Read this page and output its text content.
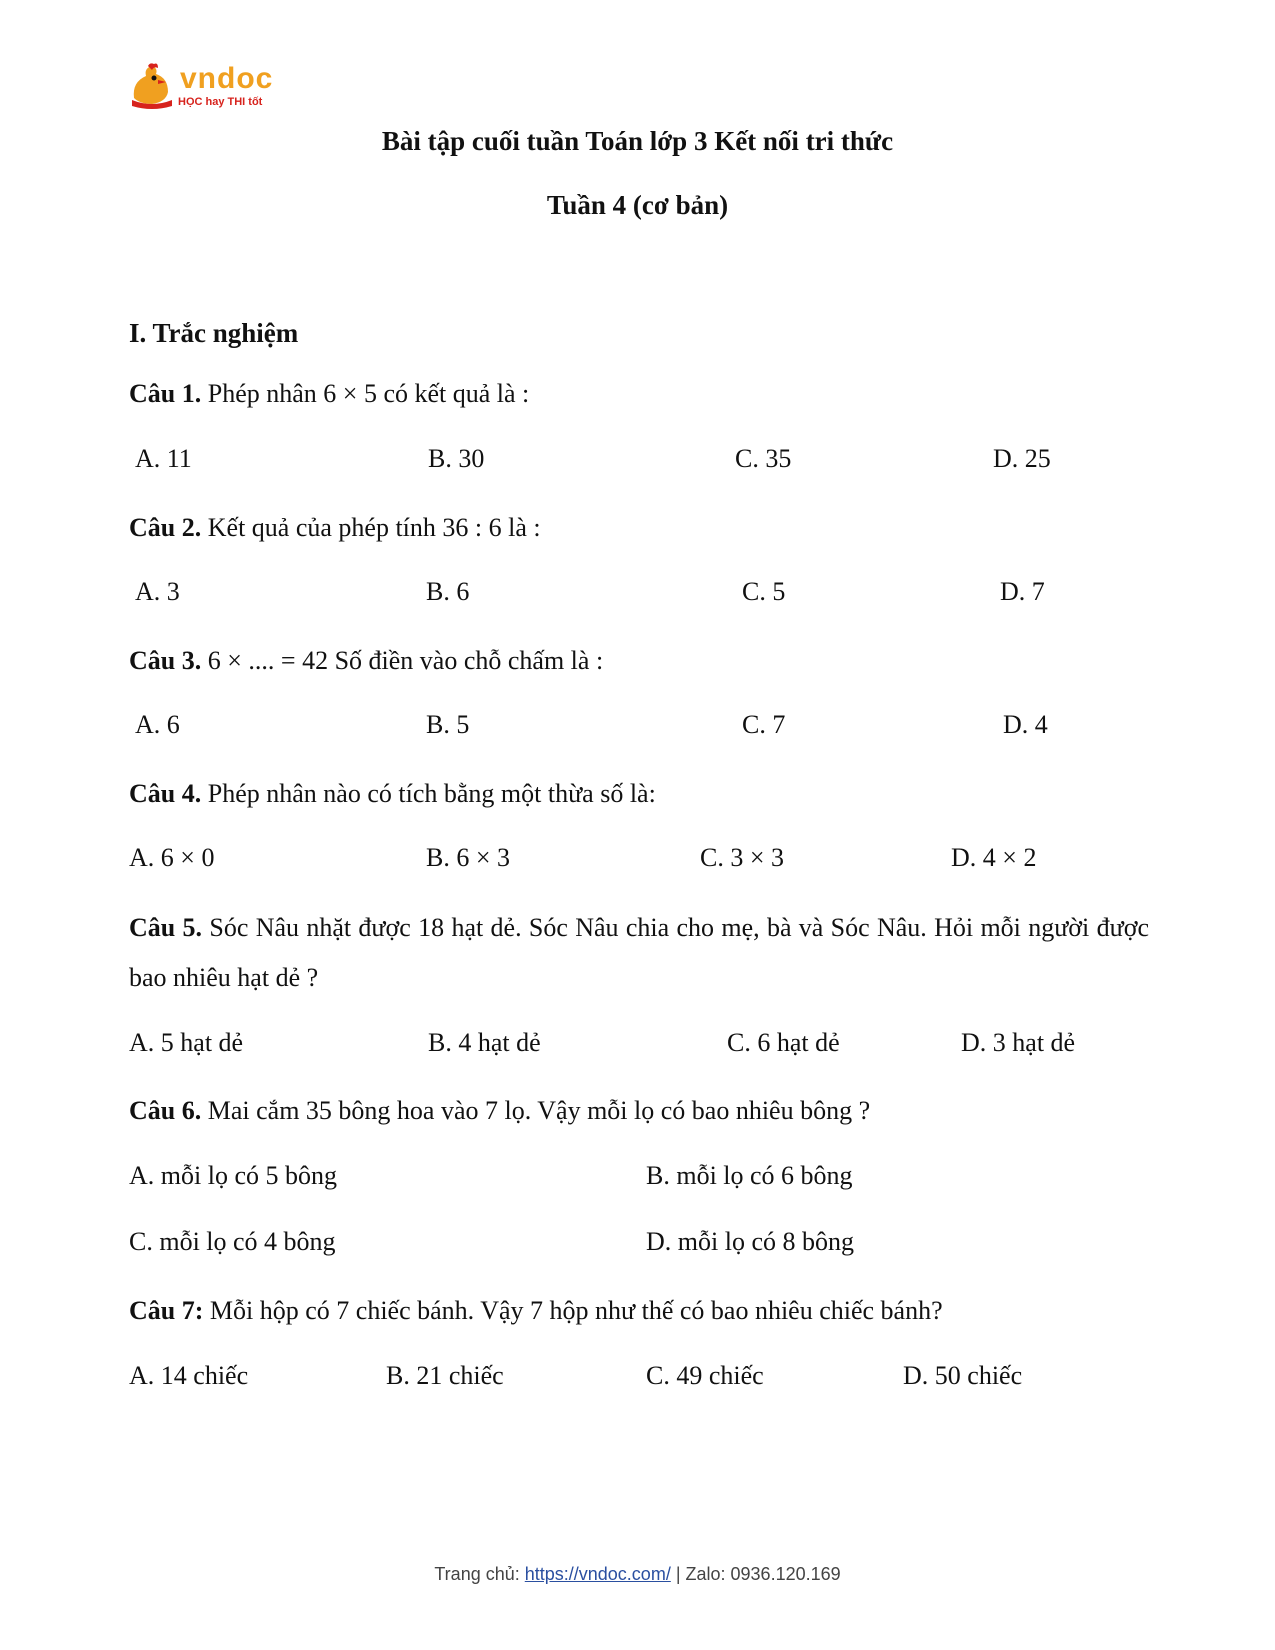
vndoc
HỌC hay THI tốt
Bài tập cuối tuần Toán lớp 3 Kết nối tri thức
Tuần 4 (cơ bản)
I. Trắc nghiệm
Câu 1. Phép nhân 6 × 5 có kết quả là :
A. 11	B. 30	C. 35	D. 25
Câu 2. Kết quả của phép tính 36 : 6 là :
A. 3	B. 6	C. 5	D. 7
Câu 3. 6 × .... = 42 Số điền vào chỗ chấm là :
A. 6	B. 5	C. 7	D. 4
Câu 4. Phép nhân nào có tích bằng một thừa số là:
A. 6 × 0	B. 6 × 3	C. 3 × 3	D. 4 × 2
Câu 5. Sóc Nâu nhặt được 18 hạt dẻ. Sóc Nâu chia cho mẹ, bà và Sóc Nâu. Hỏi mỗi người được bao nhiêu hạt dẻ ?
A. 5 hạt dẻ	B. 4 hạt dẻ	C. 6 hạt dẻ	D. 3 hạt dẻ
Câu 6. Mai cắm 35 bông hoa vào 7 lọ. Vậy mỗi lọ có bao nhiêu bông ?
A. mỗi lọ có 5 bông	B. mỗi lọ có 6 bông
C. mỗi lọ có 4 bông	D. mỗi lọ có 8 bông
Câu 7: Mỗi hộp có 7 chiếc bánh. Vậy 7 hộp như thế có bao nhiêu chiếc bánh?
A. 14 chiếc	B. 21 chiếc	C. 49 chiếc	D. 50 chiếc
Trang chủ: https://vndoc.com/ | Zalo: 0936.120.169
